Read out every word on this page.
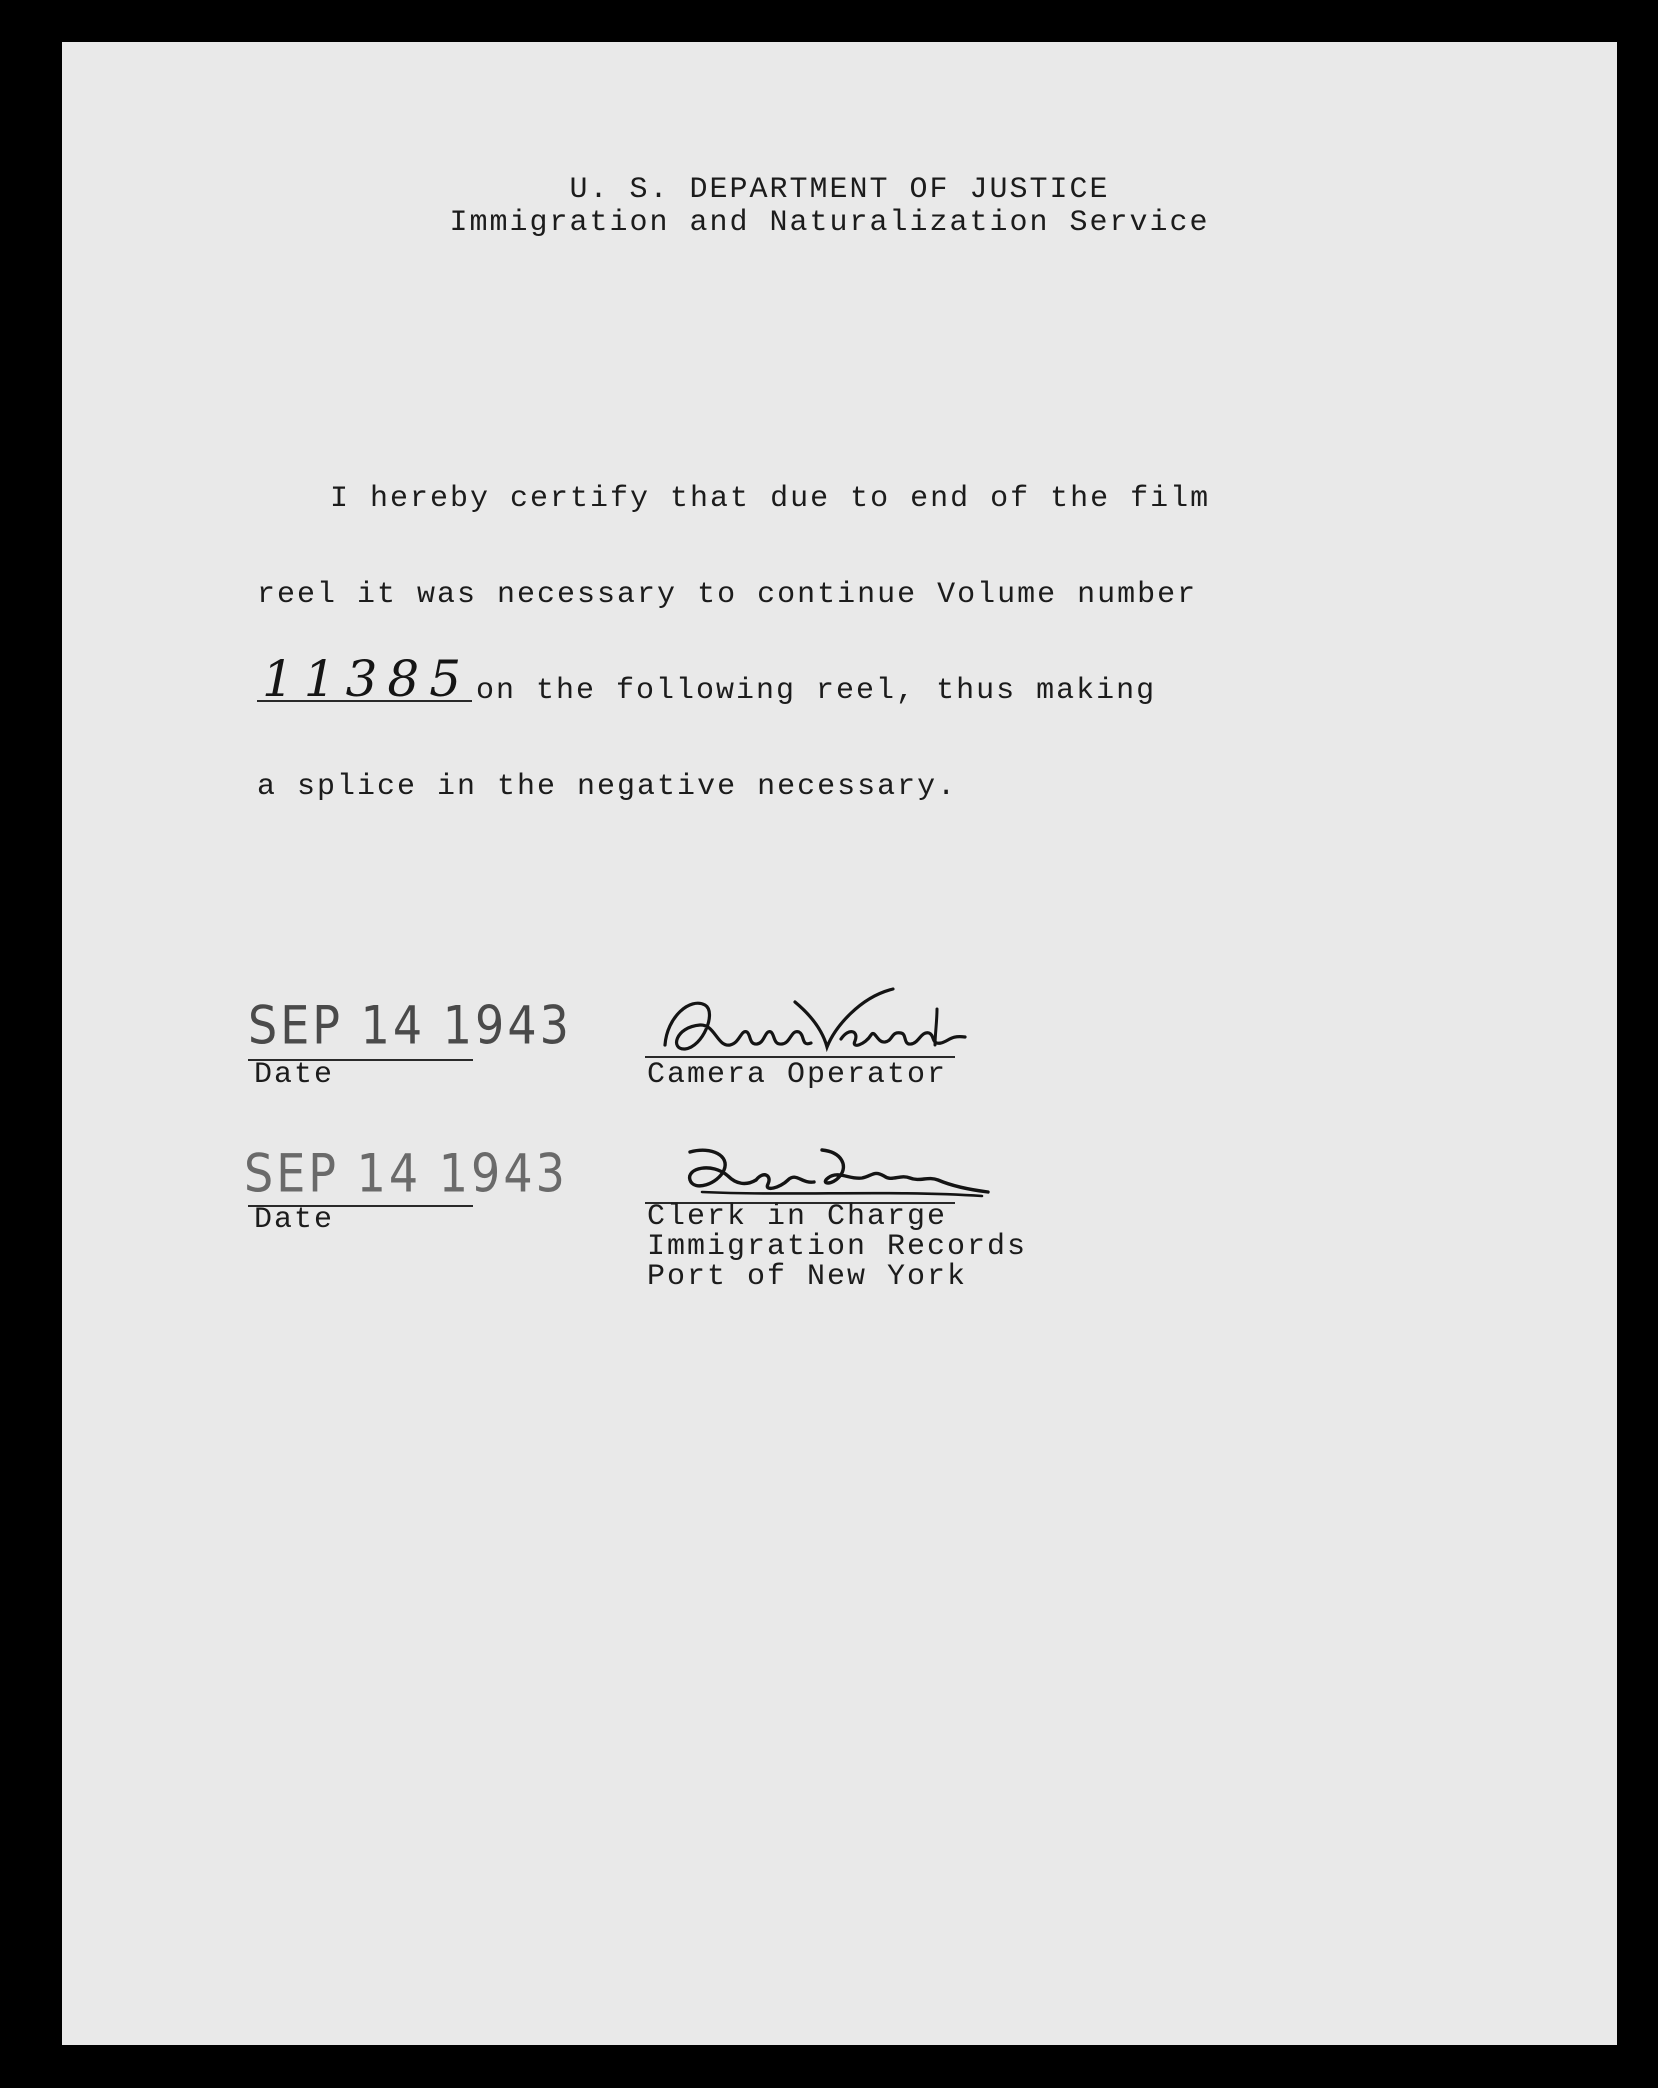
U. S. DEPARTMENT OF JUSTICE
Immigration and Naturalization Service
I hereby certify that due to end of the film
reel it was necessary to continue Volume number
11385 on the following reel, thus making
a splice in the negative necessary.
SEP 14 1943
Date	Camera Operator
SEP 14 1943
Date	Clerk in Charge
Immigration Records
Port of New York
